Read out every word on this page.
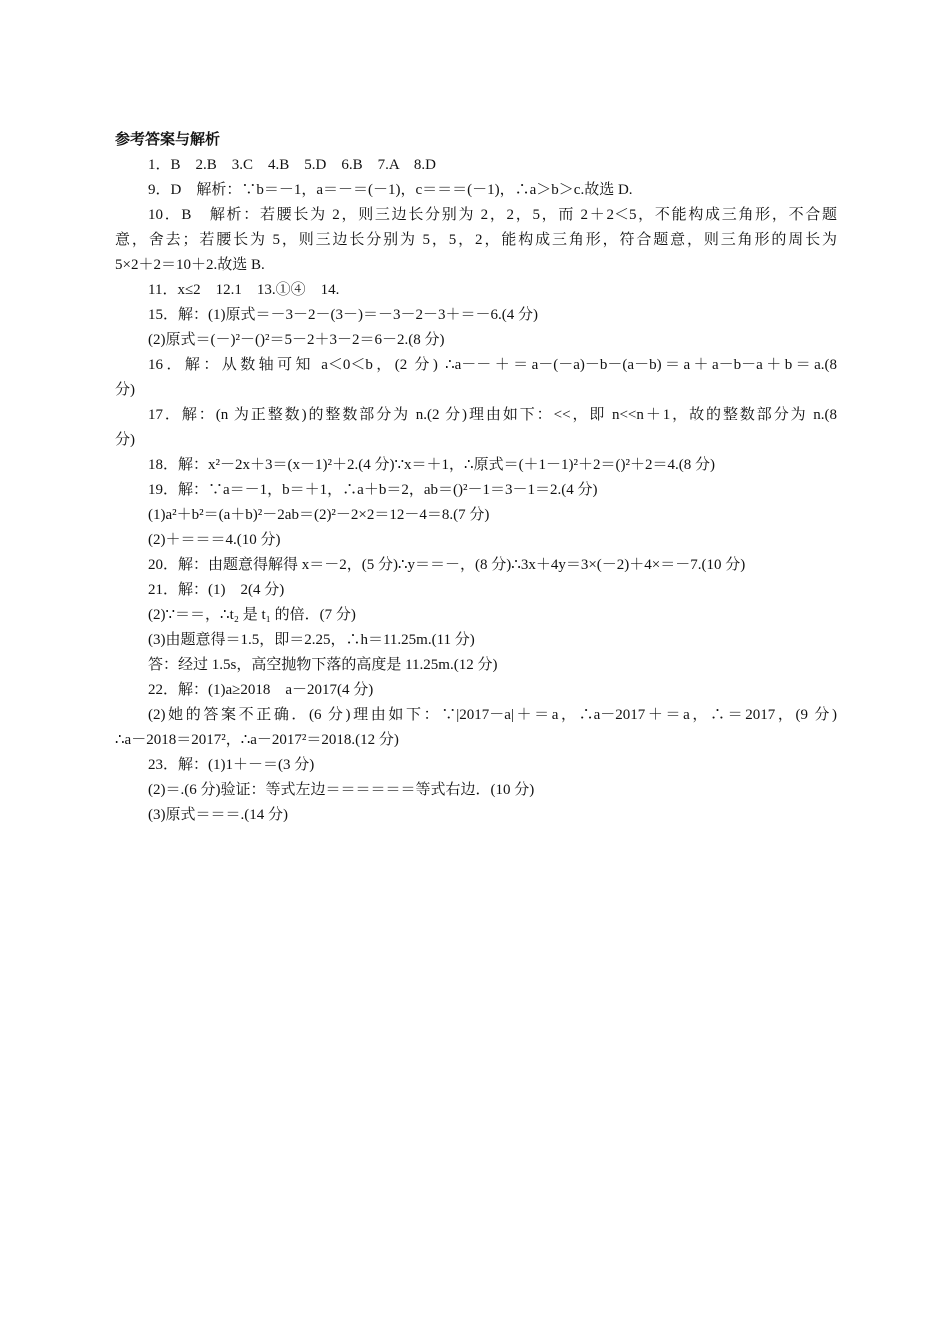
参考答案与解析
1．B　2.B　3.C　4.B　5.D　6.B　7.A　8.D
9．D　解析：∵b＝－1，a＝－＝(－1)，c＝＝＝(－1)，∴a＞b＞c.故选 D.
10．B　解析：若腰长为 2，则三边长分别为 2，2，5，而 2＋2＜5，不能构成三角形，不合题
意，舍去；若腰长为 5，则三边长分别为 5，5，2，能构成三角形，符合题意，则三角形的周长为
5×2＋2＝10＋2.故选 B.
11．x≤2　12.1　13.①④　14.
15．解：(1)原式＝－3－2－(3－)＝－3－2－3＋＝－6.(4 分)
(2)原式＝(－)²－()²＝5－2＋3－2＝6－2.(8 分)
16．解：从数轴可知 a＜0＜b，(2 分) ∴a－－＋＝a－(－a)－b－(a－b)＝a＋a－b－a＋b＝a.(8
分)
17．解：(n 为正整数)的整数部分为 n.(2 分)理由如下：<<，即 n<<n＋1，故的整数部分为 n.(8
分)
18．解：x²－2x＋3＝(x－1)²＋2.(4 分)∵x＝＋1，∴原式＝(＋1－1)²＋2＝()²＋2＝4.(8 分)
19．解：∵a＝－1，b＝＋1，∴a＋b＝2，ab＝()²－1＝3－1＝2.(4 分)
(1)a²＋b²＝(a＋b)²－2ab＝(2)²－2×2＝12－4＝8.(7 分)
(2)＋＝＝＝4.(10 分)
20．解：由题意得解得 x＝－2，(5 分)∴y＝＝－，(8 分)∴3x＋4y＝3×(－2)＋4×＝－7.(10 分)
21．解：(1)　2(4 分)
(2)∵＝＝，∴t₂ 是 t₁ 的倍．(7 分)
(3)由题意得＝1.5，即＝2.25，∴h＝11.25m.(11 分)
答：经过 1.5s，高空抛物下落的高度是 11.25m.(12 分)
22．解：(1)a≥2018　a－2017(4 分)
(2)她的答案不正确．(6 分)理由如下：∵|2017－a|＋＝a，∴a－2017＋＝a，∴＝2017，(9 分)
∴a－2018＝2017²，∴a－2017²＝2018.(12 分)
23．解：(1)1＋－＝(3 分)
(2)＝.(6 分)验证：等式左边＝＝＝＝＝＝等式右边．(10 分)
(3)原式＝＝＝.(14 分)
